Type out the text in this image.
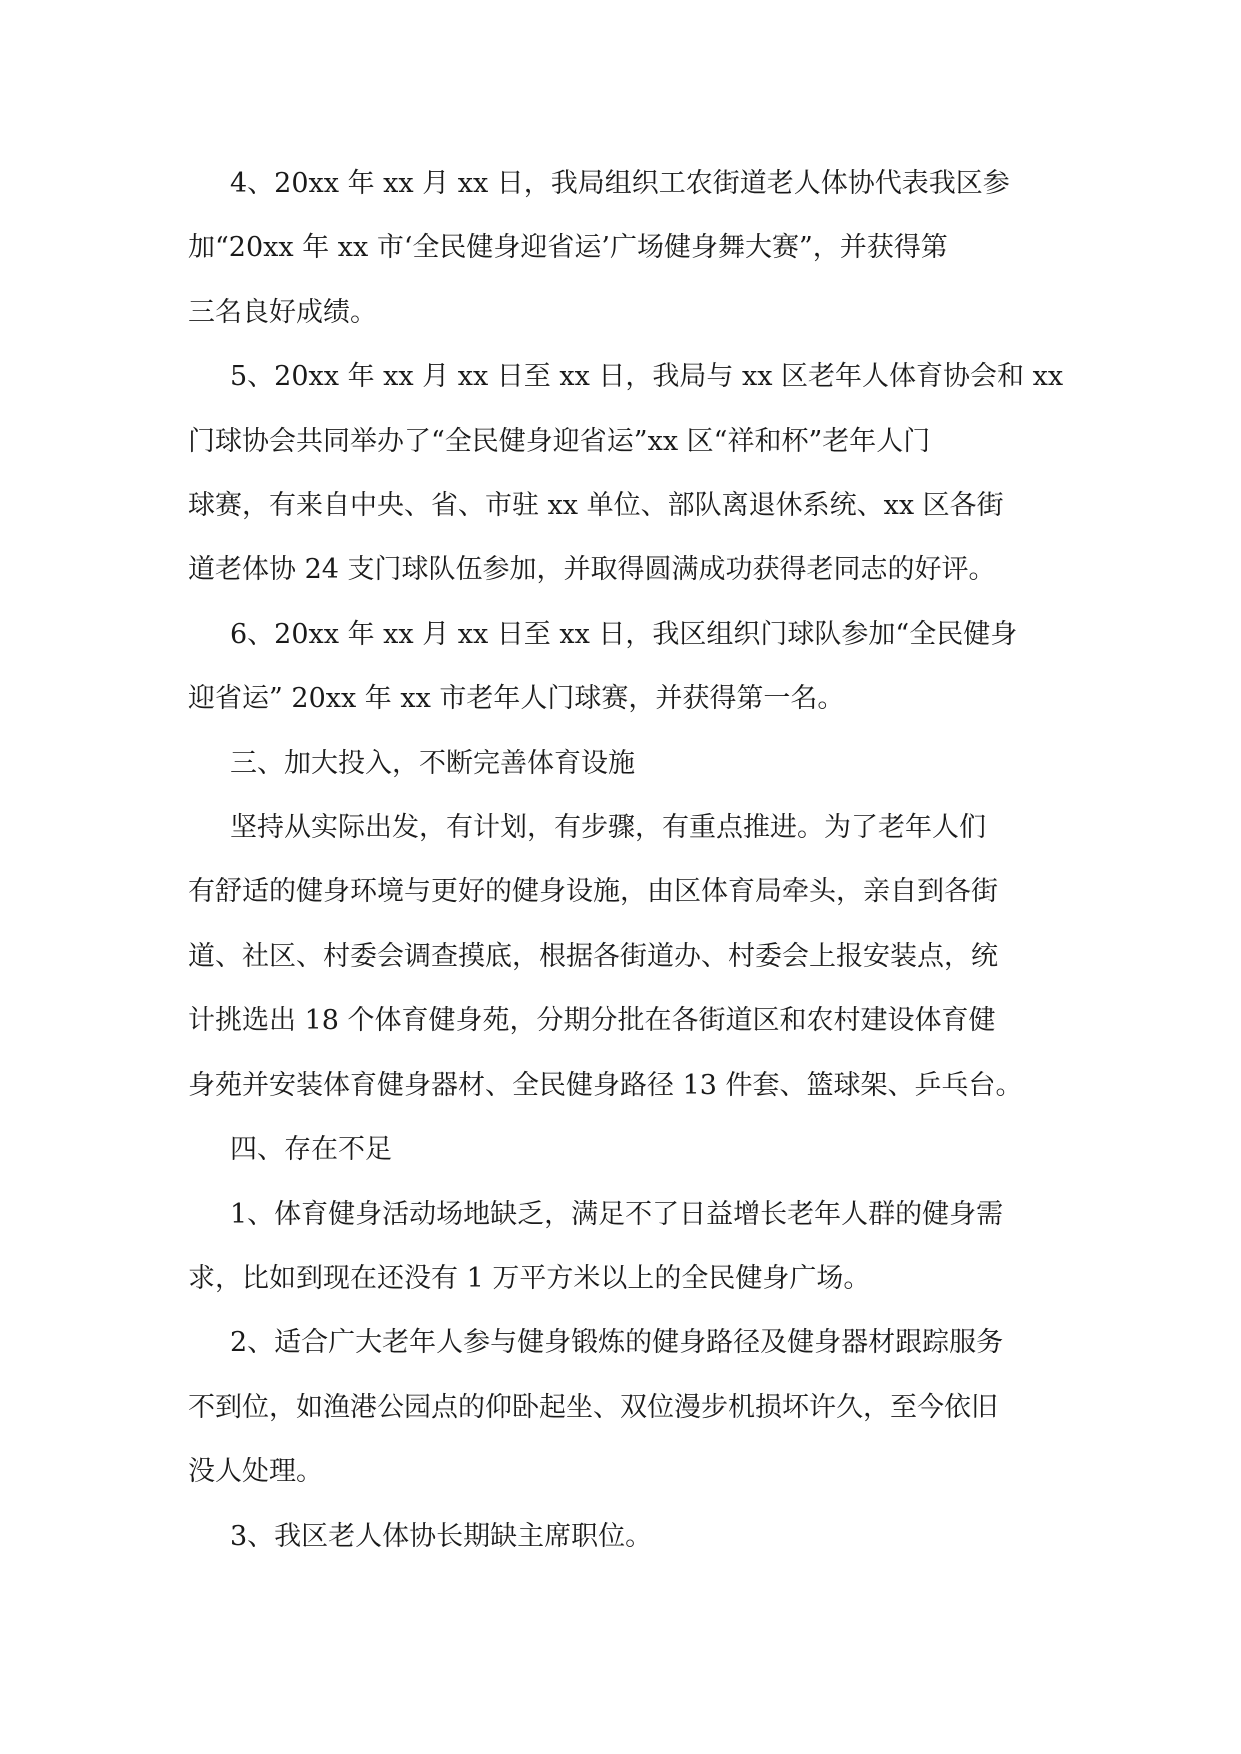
4、20xx 年 xx 月 xx 日，我局组织工农街道老人体协代表我区参

加“20xx 年 xx 市‘全民健身迎省运’广场健身舞大赛”，并获得第

三名良好成绩。

5、20xx 年 xx 月 xx 日至 xx 日，我局与 xx 区老年人体育协会和 xx

门球协会共同举办了“全民健身迎省运”xx 区“祥和杯”老年人门

球赛，有来自中央、省、市驻 xx 单位、部队离退休系统、xx 区各街

道老体协 24 支门球队伍参加，并取得圆满成功获得老同志的好评。

6、20xx 年 xx 月 xx 日至 xx 日，我区组织门球队参加“全民健身

迎省运” 20xx 年 xx 市老年人门球赛，并获得第一名。

三、加大投入，不断完善体育设施

坚持从实际出发，有计划，有步骤，有重点推进。为了老年人们

有舒适的健身环境与更好的健身设施，由区体育局牵头，亲自到各街

道、社区、村委会调查摸底，根据各街道办、村委会上报安装点，统

计挑选出 18 个体育健身苑，分期分批在各街道区和农村建设体育健

身苑并安装体育健身器材、全民健身路径 13 件套、篮球架、乒乓台。

四、存在不足

1、体育健身活动场地缺乏，满足不了日益增长老年人群的健身需

求，比如到现在还没有 1 万平方米以上的全民健身广场。

2、适合广大老年人参与健身锻炼的健身路径及健身器材跟踪服务

不到位，如渔港公园点的仰卧起坐、双位漫步机损坏许久，至今依旧

没人处理。

3、我区老人体协长期缺主席职位。
